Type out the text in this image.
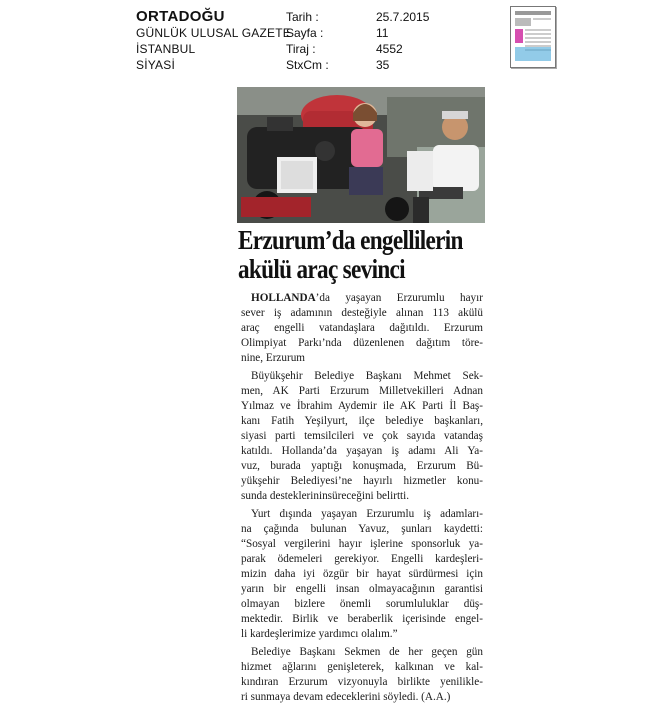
ORTADOĞU
GÜNLÜK ULUSAL GAZETE
İSTANBUL
SİYASİ
Tarih :	25.7.2015
Sayfa :	11
Tiraj :	4552
StxCm :	35
Erzurum’da engellilerin
akülü araç sevinci
HOLLANDA’da yaşayan Erzurumlu hayır
sever iş adamının desteğiyle alınan 113 akülü
araç engelli vatandaşlara dağıtıldı. Erzurum
Olimpiyat Parkı’nda düzenlenen dağıtım töre-
nine, Erzurum
Büyükşehir Belediye Başkanı Mehmet Sek-
men, AK Parti Erzurum Milletvekilleri Adnan
Yılmaz ve İbrahim Aydemir ile AK Parti İl Baş-
kanı Fatih Yeşilyurt, ilçe belediye başkanları,
siyasi parti temsilcileri ve çok sayıda vatandaş
katıldı. Hollanda’da yaşayan iş adamı Ali Ya-
vuz, burada yaptığı konuşmada, Erzurum Bü-
yükşehir Belediyesi’ne hayırlı hizmetler konu-
sunda desteklerininsüreceğini belirtti.
Yurt dışında yaşayan Erzurumlu iş adamları-
na çağında bulunan Yavuz, şunları kaydetti:
“Sosyal vergilerini hayır işlerine sponsorluk ya-
parak ödemeleri gerekiyor. Engelli kardeşleri-
mizin daha iyi özgür bir hayat sürdürmesi için
yarın bir engelli insan olmayacağının garantisi
olmayan bizlere önemli sorumluluklar düş-
mektedir. Birlik ve beraberlik içerisinde engel-
li kardeşlerimize yardımcı olalım.”
Belediye Başkanı Sekmen de her geçen gün
hizmet ağlarını genişleterek, kalkınan ve kal-
kındıran Erzurum vizyonuyla birlikte yenilikle-
ri sunmaya devam edeceklerini söyledi. (A.A.)
